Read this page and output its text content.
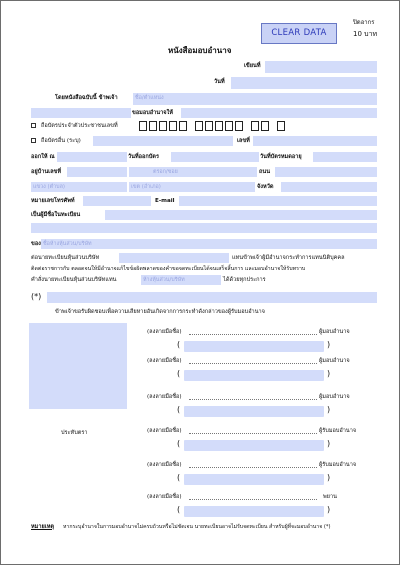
CLEAR DATA
ปิดอากร
10 บาท
หนังสือมอบอำนาจ
เขียนที่
วันที่
โดยหนังสือฉบับนี้ ข้าพเจ้า	ชื่อ/ตำแหน่ง
ขอมอบอำนาจให้
ถือบัตรประจำตัวประชาชนเลขที่
ถือบัตรอื่น (ระบุ)	เลขที่
ออกให้ ณ	วันที่ออกบัตร	วันที่บัตรหมดอายุ
อยู่บ้านเลขที่	ตรอก/ซอย	ถนน
แขวง (ตำบล)	เขต (อำเภอ)	จังหวัด
หมายเลขโทรศัพท์	E-mail
เป็นผู้มีชื่อในทะเบียน
ของ ชื่อห้างหุ้นส่วน/บริษัท
ต่อนายทะเบียนหุ้นส่วนบริษัท	แทนข้าพเจ้าผู้มีอำนาจกระทำการแทนนิติบุคคล
ติดต่อราชการกับ ตลอดจนให้มีอำนาจแก้ไขข้อผิดพลาดของคำขอจดทะเบียนได้จนเสร็จสิ้นการ และมอบอำนาจให้รับทราบ
คำสั่งนายทะเบียนหุ้นส่วนบริษัทแทน	ห้างหุ้นส่วน/บริษัท	ได้ด้วยทุกประการ
(*)
ข้าพเจ้าขอรับผิดชอบเพื่อความเสียหายอันเกิดจากการกระทำดังกล่าวของผู้รับมอบอำนาจ
ประทับตรา
(ลงลายมือชื่อ)	ผู้มอบอำนาจ
(	)
(ลงลายมือชื่อ)	ผู้มอบอำนาจ
(	)
(ลงลายมือชื่อ)	ผู้มอบอำนาจ
(	)
(ลงลายมือชื่อ)	ผู้รับมอบอำนาจ
(	)
(ลงลายมือชื่อ)	ผู้รับมอบอำนาจ
(	)
(ลงลายมือชื่อ)	พยาน
(	)
หมายเหตุ หากระบุอำนาจในการมอบอำนาจไม่ครบถ้วนหรือไม่ชัดเจน นายทะเบียนอาจไม่รับจดทะเบียน สำหรับผู้ที่จะมอบอำนาจ (*)
